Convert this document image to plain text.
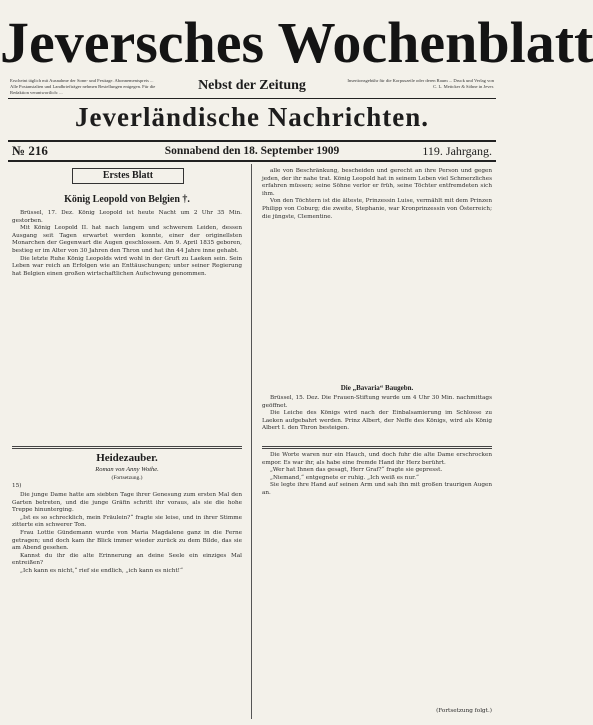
Jeversches Wochenblatt
Erscheint täglich mit Ausnahme der Sonn- und Festtage. Abonnementspreis ... Alle Postanstalten und Landbriefträger nehmen Bestellungen entgegen. Für die Redaktion verantwortlich: ...	Nebst der Zeitung	Insertionsgebühr für die Korpuszeile oder deren Raum ... Druck und Verlag von C. L. Mettcker & Söhne in Jever.
Jeverländische Nachrichten.
№ 216	Sonnabend den 18. September 1909	119. Jahrgang.
Erstes Blatt
König Leopold von Belgien †.

Brüssel, 17. Dez. König Leopold ist heute Nacht um 2 Uhr 35 Min. gestorben.

Mit König Leopold II. hat nach langem und schwerem Leiden, dessen Ausgang seit Tagen erwartet werden konnte, einer der originellsten Monarchen der Gegenwart die Augen geschlossen. Am 9. April 1835 geboren, bestieg er im Alter von 30 Jahren den Thron und hat ihn 44 Jahre inne gehabt.

Die letzte Ruhe König Leopolds wird wohl in der Gruft zu Laeken sein. Sein Leben war reich an Erfolgen wie an Enttäuschungen; unter seiner Regierung hat Belgien einen großen wirtschaftlichen Aufschwung genommen.

Heidezauber.
Roman von Anny Wothe.
(Fortsetzung.)
15)

Die junge Dame hatte am siebten Tage ihrer Genesung zum ersten Mal den Garten betreten, und die junge Gräfin schritt ihr voraus, als sie die hohe Treppe hinunterging.

„Ist es so schrecklich, mein Fräulein?“ fragte sie leise, und in ihrer Stimme zitterte ein schwerer Ton.

Frau Lottie Gündemann wurde von Maria Magdalene ganz in die Ferne getragen; und doch kam ihr Blick immer wieder zurück zu dem Bilde, das sie am Abend gesehen.

Kannst du ihr die alte Erinnerung an deine Seele ein einziges Mal entreißen?

„Ich kann es nicht,“ rief sie endlich, „ich kann es nicht!“

alle von Beschränkung, bescheiden und gerecht an ihre Person und gegen jeden, der ihr nahe trat. König Leopold hat in seinem Leben viel Schmerzliches erfahren müssen; seine Söhne verlor er früh, seine Töchter entfremdeten sich ihm.

Von den Töchtern ist die älteste, Prinzessin Luise, vermählt mit dem Prinzen Philipp von Coburg; die zweite, Stephanie, war Kronprinzessin von Österreich; die jüngste, Clementine.

Die „Bavaria“ Baugebn.

Brüssel, 15. Dez. Die Frauen-Stiftung wurde um 4 Uhr 30 Min. nachmittags geöffnet.

Die Leiche des Königs wird nach der Einbalsamierung im Schlosse zu Laeken aufgebahrt werden. Prinz Albert, der Neffe des Königs, wird als König Albert I. den Thron besteigen.

Die Worte waren nur ein Hauch, und doch fuhr die alte Dame erschrocken empor. Es war ihr, als habe eine fremde Hand ihr Herz berührt.

„Wer hat Ihnen das gesagt, Herr Graf?“ fragte sie gepresst.

„Niemand,“ entgegnete er ruhig. „Ich weiß es nur.“

Sie legte ihre Hand auf seinen Arm und sah ihn mit großen traurigen Augen an.

(Fortsetzung folgt.)
